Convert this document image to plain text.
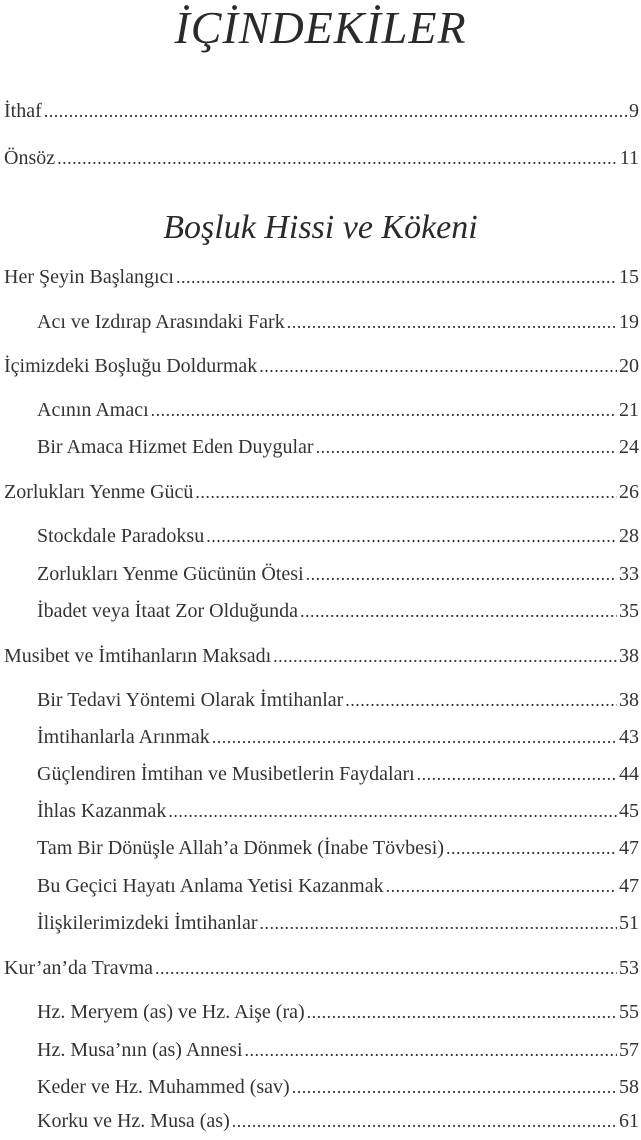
İÇİNDEKİLER
İthaf .....	9
Önsöz .....	11
Boşluk Hissi ve Kökeni
Her Şeyin Başlangıcı .....	15
Acı ve Izdırap Arasındaki Fark .....	19
İçimizdeki Boşluğu Doldurmak .....	20
Acının Amacı .....	21
Bir Amaca Hizmet Eden Duygular .....	24
Zorlukları Yenme Gücü .....	26
Stockdale Paradoksu .....	28
Zorlukları Yenme Gücünün Ötesi .....	33
İbadet veya İtaat Zor Olduğunda .....	35
Musibet ve İmtihanların Maksadı .....	38
Bir Tedavi Yöntemi Olarak İmtihanlar .....	38
İmtihanlarla Arınmak .....	43
Güçlendiren İmtihan ve Musibetlerin Faydaları .....	44
İhlas Kazanmak .....	45
Tam Bir Dönüşle Allah’a Dönmek (İnabe Tövbesi) .....	47
Bu Geçici Hayatı Anlama Yetisi Kazanmak .....	47
İlişkilerimizdeki İmtihanlar .....	51
Kur’an’da Travma .....	53
Hz. Meryem (as) ve Hz. Aişe (ra) .....	55
Hz. Musa’nın (as) Annesi .....	57
Keder ve Hz. Muhammed (sav) .....	58
Korku ve Hz. Musa (as) .....	61
